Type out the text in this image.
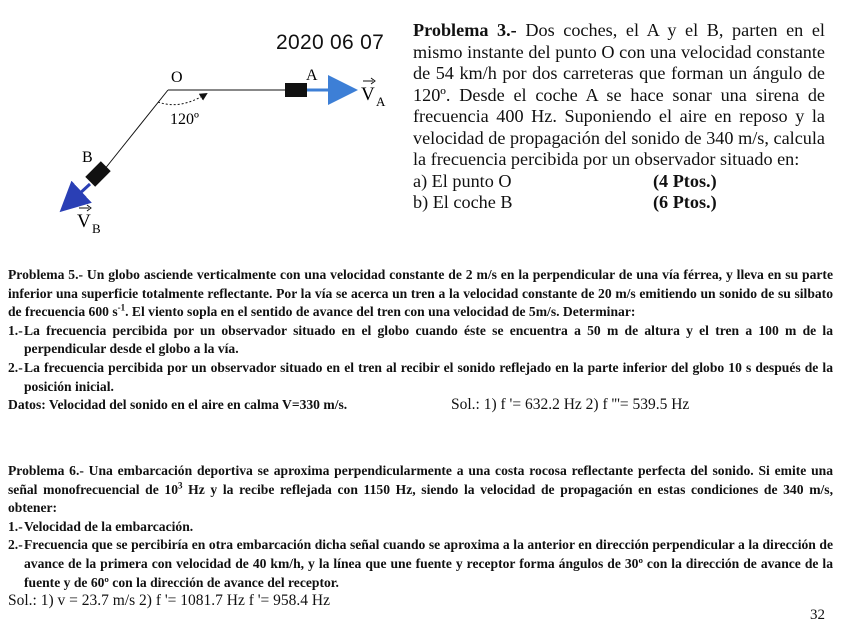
2020 06 07
O	A
B
120º
V A
V B
Problema 3.- Dos coches, el A y el B, parten en el mismo instante del punto O con una velocidad constante de 54 km/h por dos carreteras que forman un ángulo de 120º. Desde el coche A se hace sonar una sirena de frecuencia 400 Hz. Suponiendo el aire en reposo y la velocidad de propagación del sonido de 340 m/s, calcula la frecuencia percibida por un observador situado en:
a) El punto O	(4 Ptos.)
b) El coche B	(6 Ptos.)
Problema 5.- Un globo asciende verticalmente con una velocidad constante de 2 m/s en la perpendicular de una vía férrea, y lleva en su parte inferior una superficie totalmente reflectante. Por la vía se acerca un tren a la velocidad constante de 20 m/s emitiendo un sonido de su silbato de frecuencia 600 $s^{-1}$. El viento sopla en el sentido de avance del tren con una velocidad de 5m/s. Determinar:
1.- La frecuencia percibida por un observador situado en el globo cuando éste se encuentra a 50 m de altura y el tren a 100 m de la perpendicular desde el globo a la vía.
2.- La frecuencia percibida por un observador situado en el tren al recibir el sonido reflejado en la parte inferior del globo 10 s después de la posición inicial.
Datos: Velocidad del sonido en el aire en calma V=330 m/s.	Sol.: 1) f '= 632.2 Hz 2) f '''= 539.5 Hz
Problema 6.- Una embarcación deportiva se aproxima perpendicularmente a una costa rocosa reflectante perfecta del sonido. Si emite una señal monofrecuencial de $10^3$ Hz y la recibe reflejada con 1150 Hz, siendo la velocidad de propagación en estas condiciones de 340 m/s, obtener:
1.- Velocidad de la embarcación.
2.- Frecuencia que se percibiría en otra embarcación dicha señal cuando se aproxima a la anterior en dirección perpendicular a la dirección de avance de la primera con velocidad de 40 km/h, y la línea que une fuente y receptor forma ángulos de 30º con la dirección de avance de la fuente y de 60º con la dirección de avance del receptor.
Sol.: 1) v = 23.7 m/s 2) f '= 1081.7 Hz f '= 958.4 Hz
32
